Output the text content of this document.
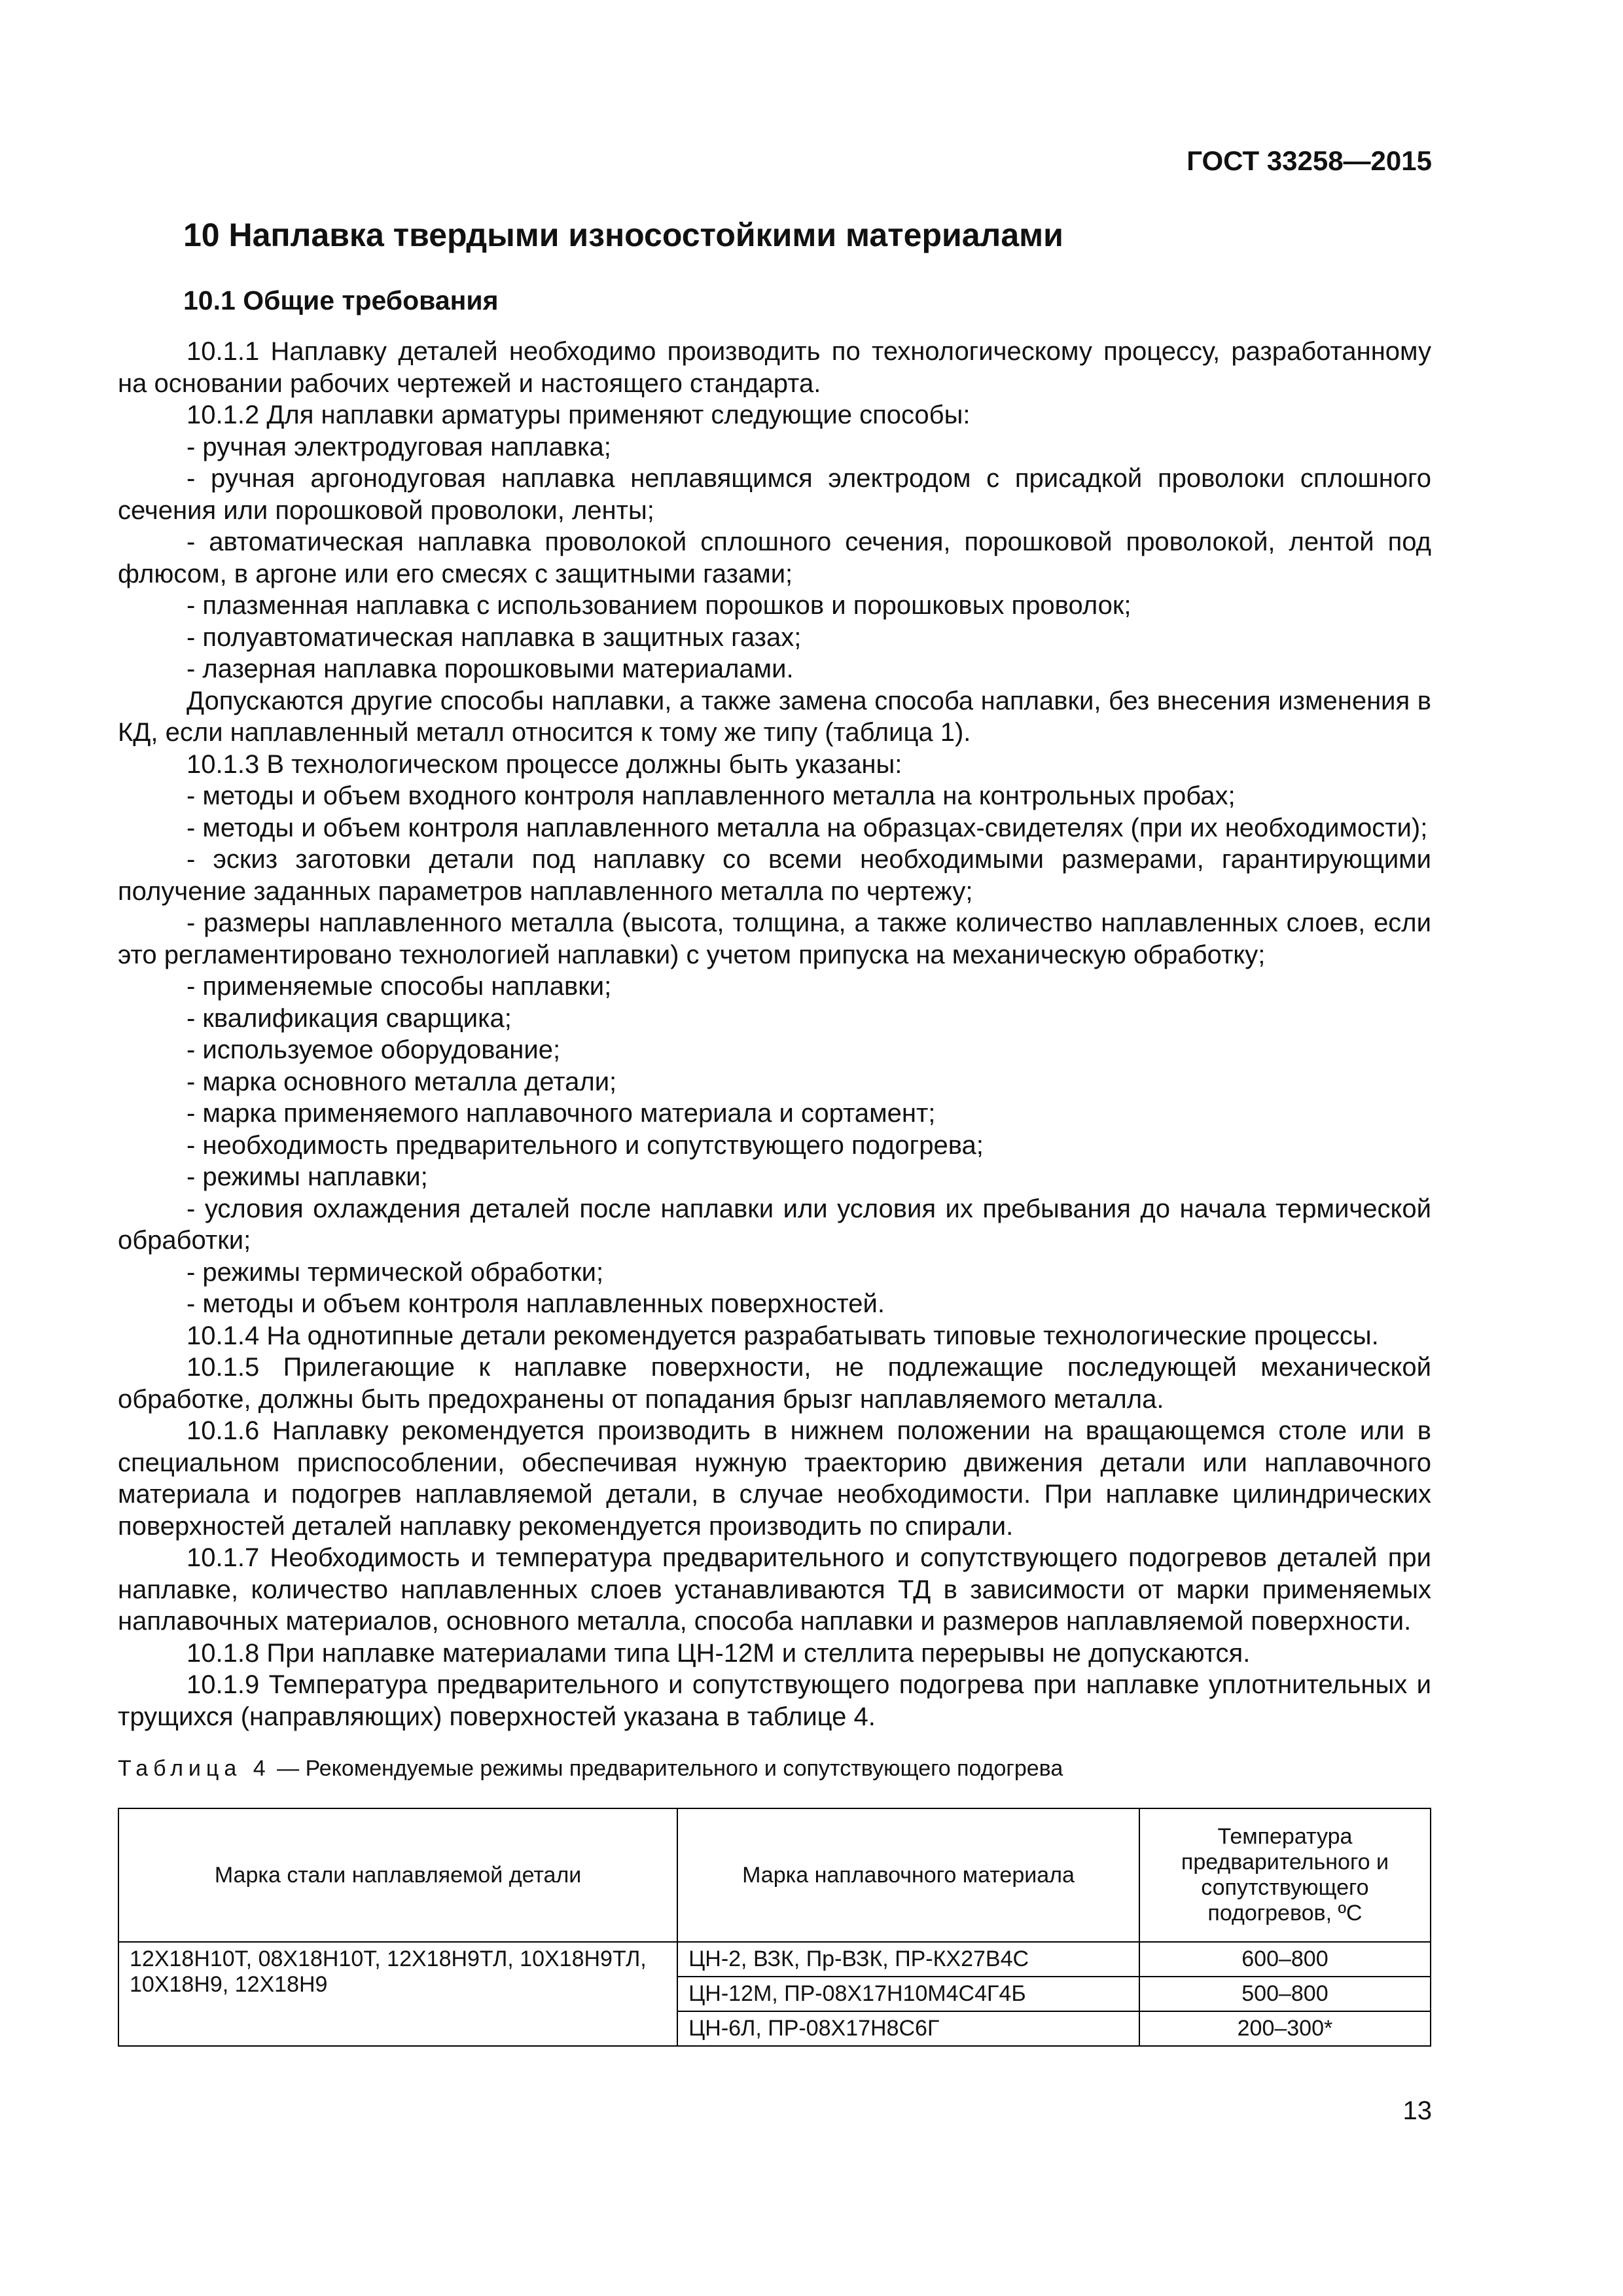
ГОСТ 33258—2015
10 Наплавка твердыми износостойкими материалами
10.1 Общие требования

10.1.1 Наплавку деталей необходимо производить по технологическому процессу, разработанному на основании рабочих чертежей и настоящего стандарта.

10.1.2 Для наплавки арматуры применяют следующие способы:

- ручная электродуговая наплавка;

- ручная аргонодуговая наплавка неплавящимся электродом с присадкой проволоки сплошного сечения или порошковой проволоки, ленты;

- автоматическая наплавка проволокой сплошного сечения, порошковой проволокой, лентой под флюсом, в аргоне или его смесях с защитными газами;

- плазменная наплавка с использованием порошков и порошковых проволок;

- полуавтоматическая наплавка в защитных газах;

- лазерная наплавка порошковыми материалами.

Допускаются другие способы наплавки, а также замена способа наплавки, без внесения изменения в КД, если наплавленный металл относится к тому же типу (таблица 1).

10.1.3 В технологическом процессе должны быть указаны:

- методы и объем входного контроля наплавленного металла на контрольных пробах;

- методы и объем контроля наплавленного металла на образцах-свидетелях (при их необходимости);

- эскиз заготовки детали под наплавку со всеми необходимыми размерами, гарантирующими получение заданных параметров наплавленного металла по чертежу;

- размеры наплавленного металла (высота, толщина, а также количество наплавленных слоев, если это регламентировано технологией наплавки) с учетом припуска на механическую обработку;

- применяемые способы наплавки;

- квалификация сварщика;

- используемое оборудование;

- марка основного металла детали;

- марка применяемого наплавочного материала и сортамент;

- необходимость предварительного и сопутствующего подогрева;

- режимы наплавки;

- условия охлаждения деталей после наплавки или условия их пребывания до начала термической обработки;

- режимы термической обработки;

- методы и объем контроля наплавленных поверхностей.

10.1.4 На однотипные детали рекомендуется разрабатывать типовые технологические процессы.

10.1.5 Прилегающие к наплавке поверхности, не подлежащие последующей механической обработке, должны быть предохранены от попадания брызг наплавляемого металла.

10.1.6 Наплавку рекомендуется производить в нижнем положении на вращающемся столе или в специальном приспособлении, обеспечивая нужную траекторию движения детали или наплавочного материала и подогрев наплавляемой детали, в случае необходимости. При наплавке цилиндрических поверхностей деталей наплавку рекомендуется производить по спирали.

10.1.7 Необходимость и температура предварительного и сопутствующего подогревов деталей при наплавке, количество наплавленных слоев устанавливаются ТД в зависимости от марки применяемых наплавочных материалов, основного металла, способа наплавки и размеров наплавляемой поверхности.

10.1.8 При наплавке материалами типа ЦН-12М и стеллита перерывы не допускаются.

10.1.9 Температура предварительного и сопутствующего подогрева при наплавке уплотнительных и трущихся (направляющих) поверхностей указана в таблице 4.

Таблица 4 — Рекомендуемые режимы предварительного и сопутствующего подогрева
Марка стали наплавляемой детали	Марка наплавочного материала	Температура предварительного и сопутствующего подогревов, ºС
12Х18Н10Т, 08Х18Н10Т, 12Х18Н9ТЛ, 10Х18Н9ТЛ, 10Х18Н9, 12Х18Н9	ЦН-2, ВЗК, Пр-ВЗК, ПР-КХ27В4С	600–800
	ЦН-12М, ПР-08Х17Н10М4С4Г4Б	500–800
	ЦН-6Л, ПР-08Х17Н8С6Г	200–300*
13
